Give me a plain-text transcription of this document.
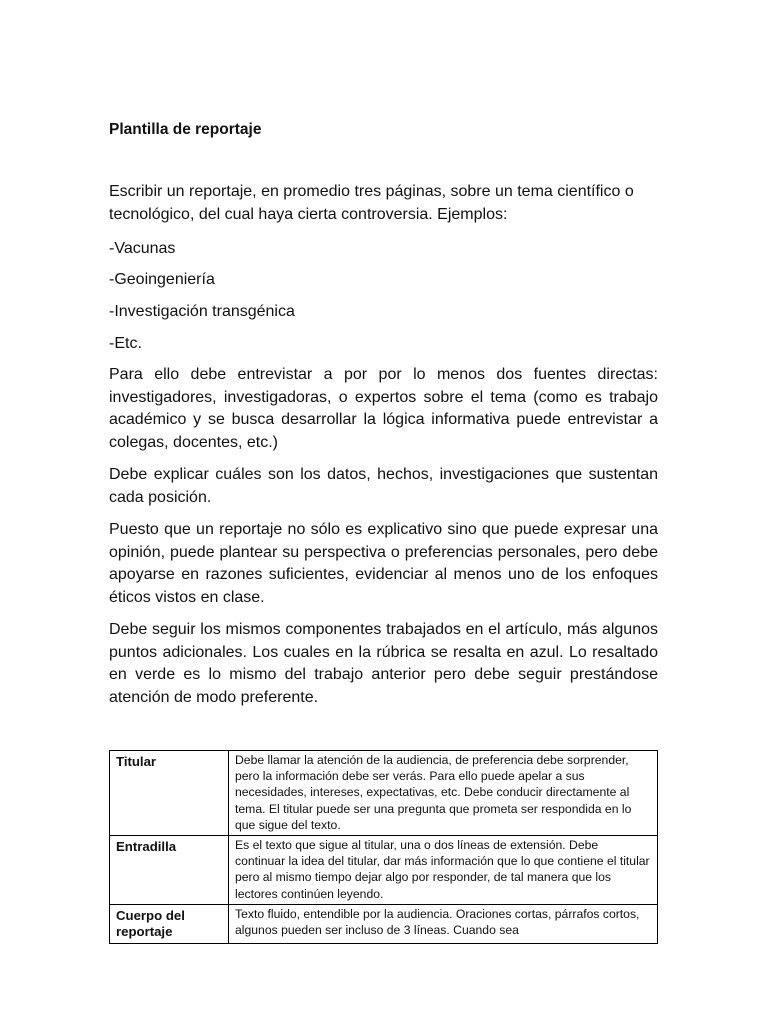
Plantilla de reportaje

Escribir un reportaje, en promedio tres páginas, sobre un tema científico o tecnológico, del cual haya cierta controversia. Ejemplos:

-Vacunas

-Geoingeniería

-Investigación transgénica

-Etc.

Para ello debe entrevistar a por por lo menos dos fuentes directas: investigadores, investigadoras, o expertos sobre el tema (como es trabajo académico y se busca desarrollar la lógica informativa puede entrevistar a colegas, docentes, etc.)

Debe explicar cuáles son los datos, hechos, investigaciones que sustentan cada posición.

Puesto que un reportaje no sólo es explicativo sino que puede expresar una opinión, puede plantear su perspectiva o preferencias personales, pero debe apoyarse en razones suficientes, evidenciar al menos uno de los enfoques éticos vistos en clase.

Debe seguir los mismos componentes trabajados en el artículo, más algunos puntos adicionales. Los cuales en la rúbrica se resalta en azul. Lo resaltado en verde es lo mismo del trabajo anterior pero debe seguir prestándose atención de modo preferente.

Titular	Debe llamar la atención de la audiencia, de preferencia debe sorprender, pero la información debe ser verás. Para ello puede apelar a sus necesidades, intereses, expectativas, etc. Debe conducir directamente al tema. El titular puede ser una pregunta que prometa ser respondida en lo que sigue del texto.
Entradilla	Es el texto que sigue al titular, una o dos líneas de extensión. Debe continuar la idea del titular, dar más información que lo que contiene el titular pero al mismo tiempo dejar algo por responder, de tal manera que los lectores continúen leyendo.
Cuerpo del reportaje	Texto fluido, entendible por la audiencia. Oraciones cortas, párrafos cortos, algunos pueden ser incluso de 3 líneas. Cuando sea
